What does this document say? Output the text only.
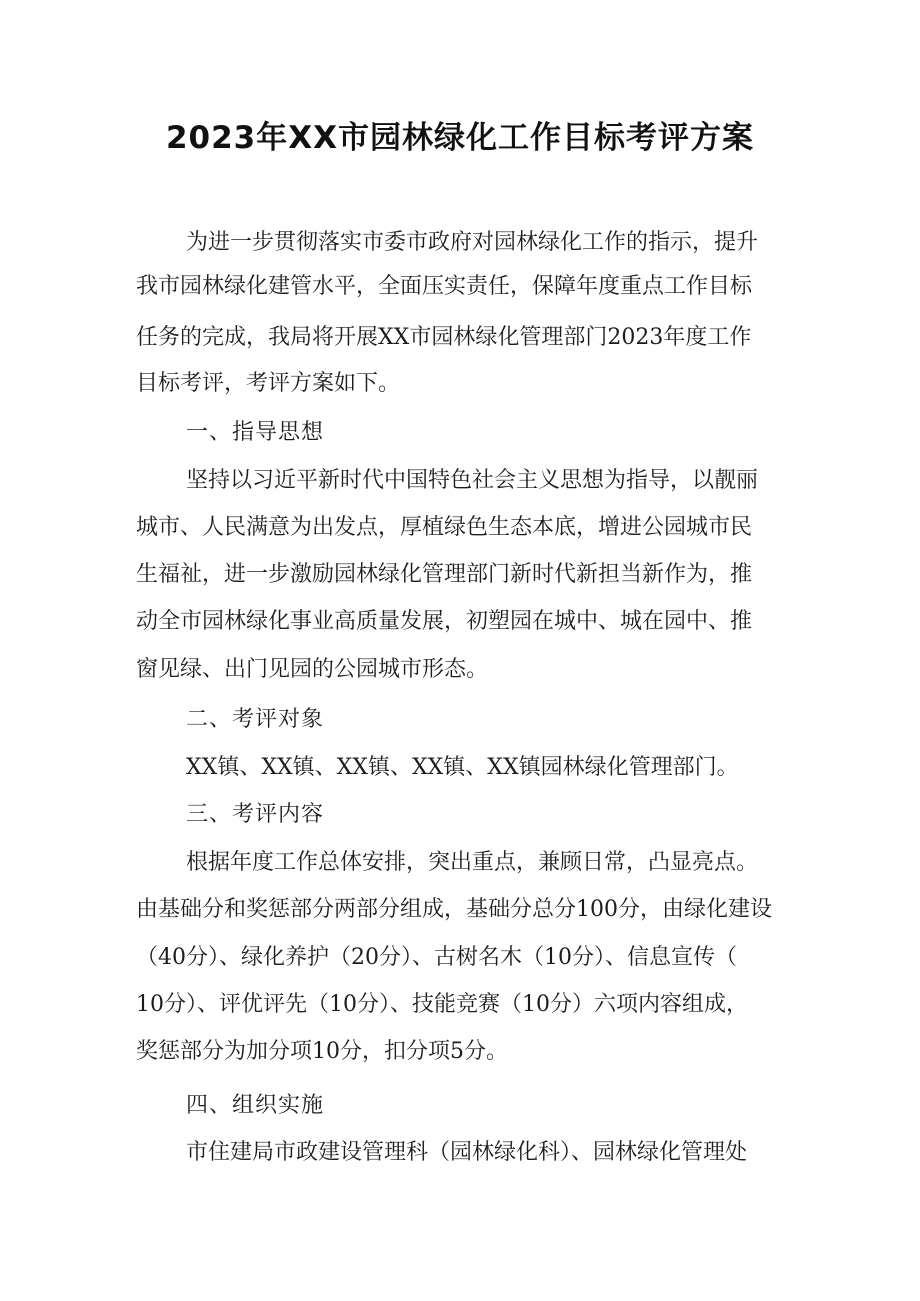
2023年XX市园林绿化工作目标考评方案
为进一步贯彻落实市委市政府对园林绿化工作的指示，提升
我市园林绿化建管水平，全面压实责任，保障年度重点工作目标
任务的完成，我局将开展XX市园林绿化管理部门2023年度工作
目标考评，考评方案如下。
一、指导思想
坚持以习近平新时代中国特色社会主义思想为指导，以靓丽
城市、人民满意为出发点，厚植绿色生态本底，增进公园城市民
生福祉，进一步激励园林绿化管理部门新时代新担当新作为，推
动全市园林绿化事业高质量发展，初塑园在城中、城在园中、推
窗见绿、出门见园的公园城市形态。
二、考评对象
XX镇、XX镇、XX镇、XX镇、XX镇园林绿化管理部门。
三、考评内容
根据年度工作总体安排，突出重点，兼顾日常，凸显亮点。
由基础分和奖惩部分两部分组成，基础分总分100分，由绿化建设
（40分）、绿化养护（20分）、古树名木（10分）、信息宣传（
10分）、评优评先（10分）、技能竞赛（10分）六项内容组成，
奖惩部分为加分项10分，扣分项5分。
四、组织实施
市住建局市政建设管理科（园林绿化科）、园林绿化管理处
